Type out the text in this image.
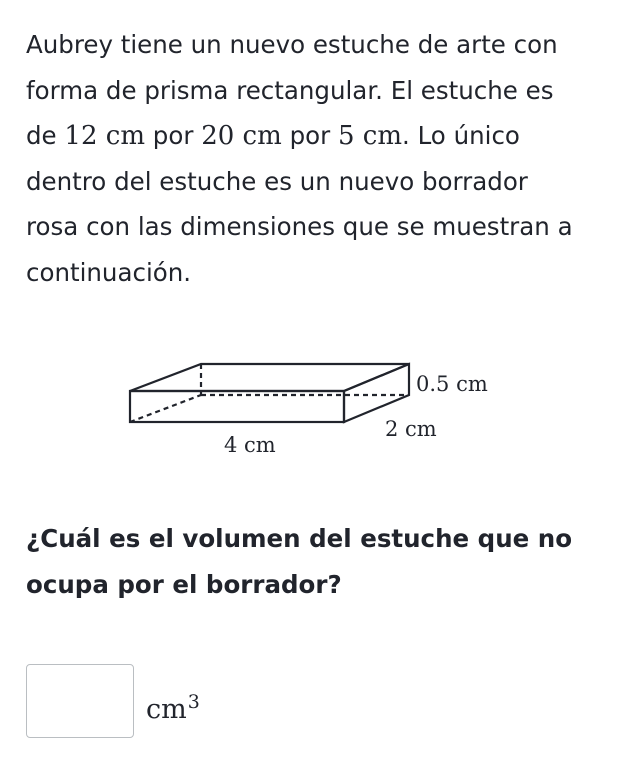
Aubrey tiene un nuevo estuche de arte con
forma de prisma rectangular. El estuche es
de 12 cm por 20 cm por 5 cm. Lo único
dentro del estuche es un nuevo borrador
rosa con las dimensiones que se muestran a
continuación.
0.5 cm
2 cm
4 cm
¿Cuál es el volumen del estuche que no
ocupa por el borrador?
$cm^3$
